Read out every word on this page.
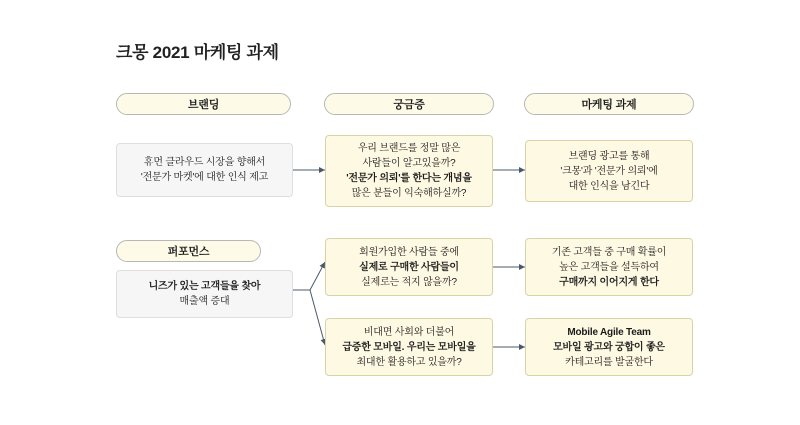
크몽 2021 마케팅 과제
브랜딩	궁금증	마케팅 과제
퍼포먼스
휴먼 클라우드 시장을 향해서
'전문가 마켓'에 대한 인식 제고
니즈가 있는 고객들을 찾아
매출액 증대
우리 브랜드를 정말 많은
사람들이 알고있을까?
'전문가 의뢰'를 한다는 개념을
많은 분들이 익숙해하실까?
회원가입한 사람들 중에
실제로 구매한 사람들이
실제로는 적지 않을까?
비대면 사회와 더불어
급증한 모바일. 우리는 모바일을
최대한 활용하고 있을까?
브랜딩 광고를 통해
'크몽'과 '전문가 의뢰'에
대한 인식을 남긴다
기존 고객들 중 구매 확률이
높은 고객들을 설득하여
구매까지 이어지게 한다
Mobile Agile Team
모바일 광고와 궁합이 좋은
카테고리를 발굴한다
